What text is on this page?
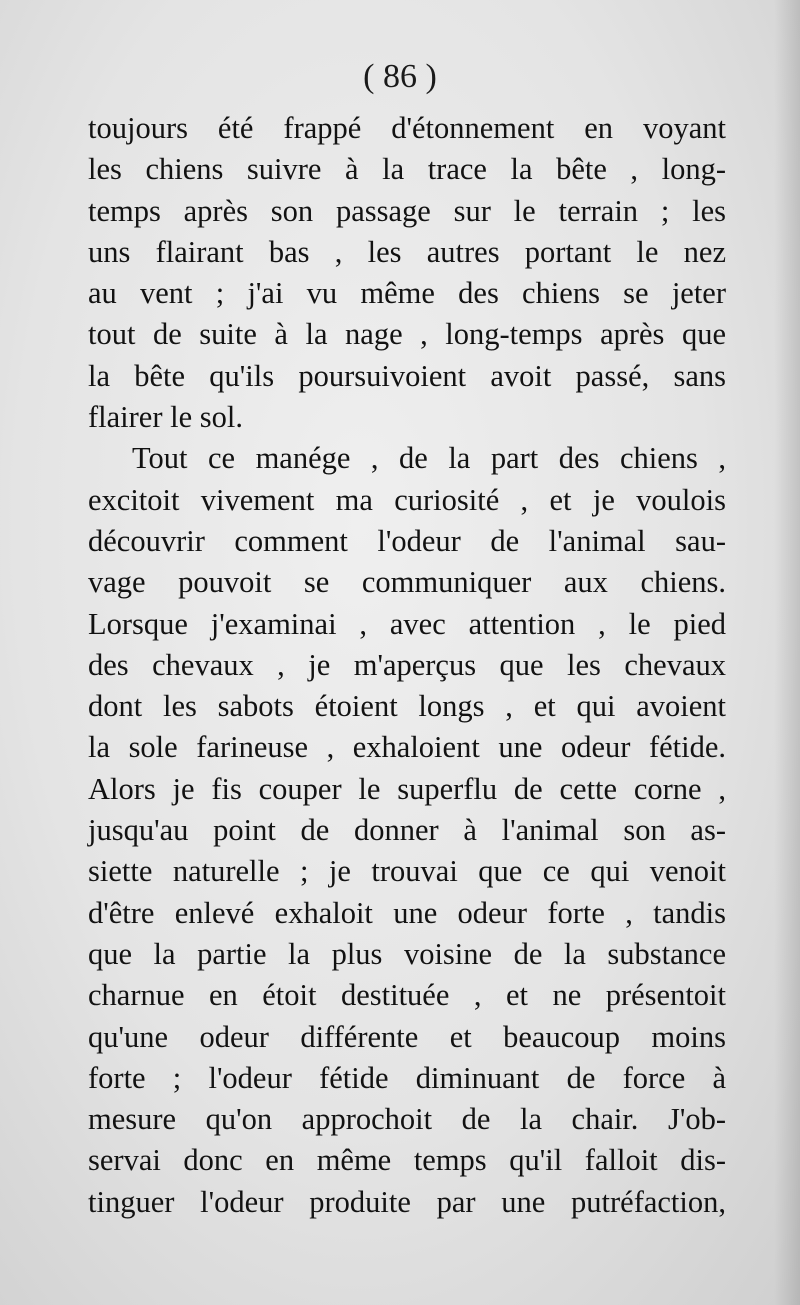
( 86 )
toujours été frappé d'étonnement en voyant
les chiens suivre à la trace la bête , long-
temps après son passage sur le terrain ; les
uns flairant bas , les autres portant le nez
au vent ; j'ai vu même des chiens se jeter
tout de suite à la nage , long-temps après que
la bête qu'ils poursuivoient avoit passé, sans
flairer le sol.
Tout ce manége , de la part des chiens ,
excitoit vivement ma curiosité , et je voulois
découvrir comment l'odeur de l'animal sau-
vage pouvoit se communiquer aux chiens.
Lorsque j'examinai , avec attention , le pied
des chevaux , je m'aperçus que les chevaux
dont les sabots étoient longs , et qui avoient
la sole farineuse , exhaloient une odeur fétide.
Alors je fis couper le superflu de cette corne ,
jusqu'au point de donner à l'animal son as-
siette naturelle ; je trouvai que ce qui venoit
d'être enlevé exhaloit une odeur forte , tandis
que la partie la plus voisine de la substance
charnue en étoit destituée , et ne présentoit
qu'une odeur différente et beaucoup moins
forte ; l'odeur fétide diminuant de force à
mesure qu'on approchoit de la chair. J'ob-
servai donc en même temps qu'il falloit dis-
tinguer l'odeur produite par une putréfaction,
